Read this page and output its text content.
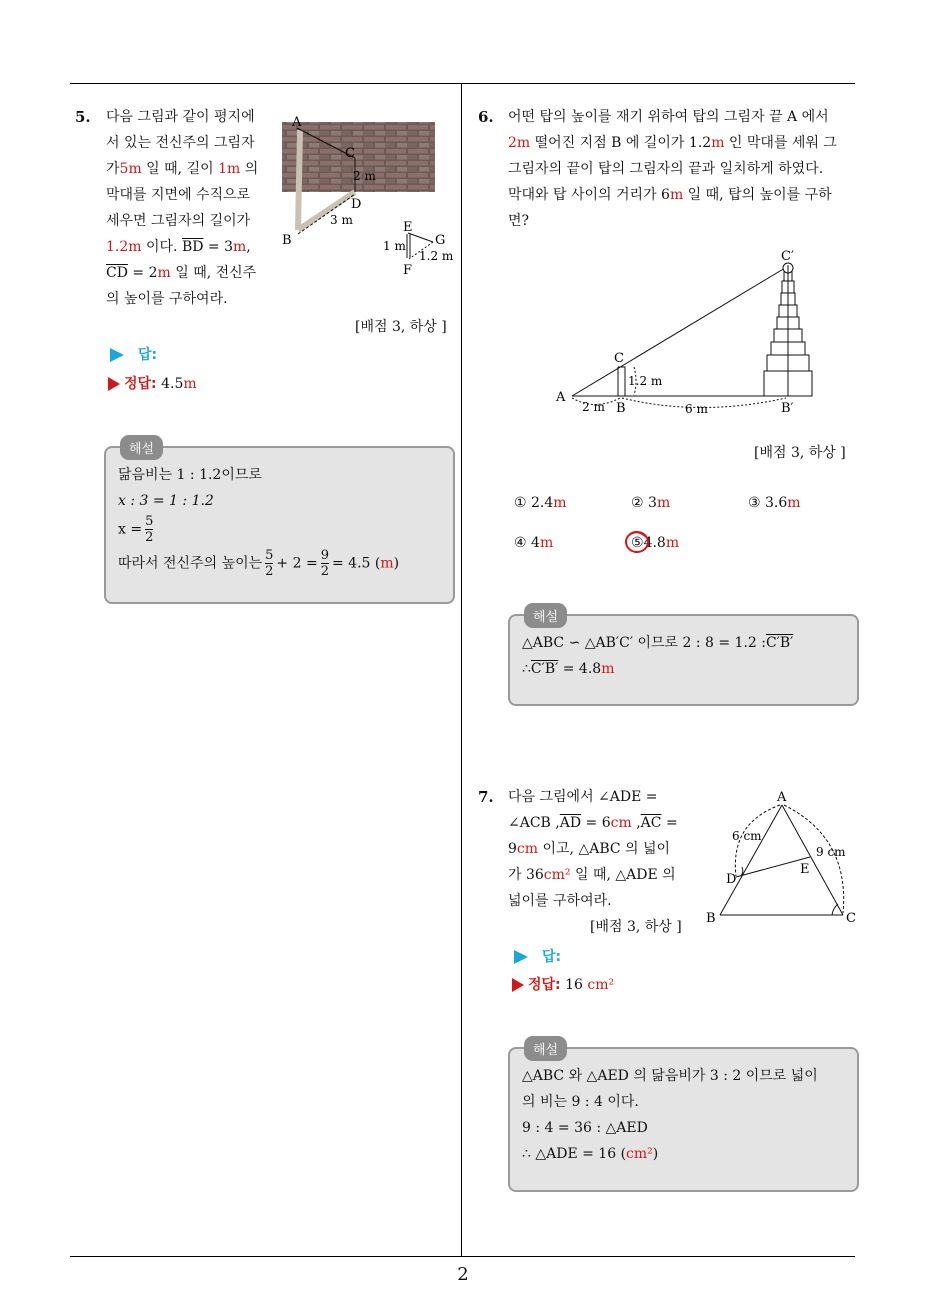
2
5. 다음 그림과 같이 평지에
서 있는 전신주의 그림자
가5m 일 때, 길이 1m 의
막대를 지면에 수직으로
세우면 그림자의 길이가
1.2m 이다. $\overline{BD} = 3m$,
$\overline{CD} = 2m$ 일 때, 전신주
의 높이를 구하여라.
A
C
D
B
2 m
3 m	E
G
F
1 m
1.2 m
[배점 3, 하상 ]
답:
정답: 4.5m
해설
닮음비는 1 : 1.2이므로
x : 3 = 1 : 1.2
$x = \frac{5}{2}$
따라서 전신주의 높이는 $\frac{5}{2} + 2 = \frac{9}{2} = 4.5$ (m)
6. 어떤 탑의 높이를 재기 위하여 탑의 그림자 끝 A 에서
2m 떨어진 지점 B 에 길이가 1.2m 인 막대를 세워 그
그림자의 끝이 탑의 그림자의 끝과 일치하게 하였다.
막대와 탑 사이의 거리가 6m 일 때, 탑의 높이를 구하
면?
A
C
B	B′
C′
1.2 m
2 m	6 m
[배점 3, 하상 ]
① 2.4m	② 3m	③ 3.6m
④ 4m	⑤4.8m
해설
△ABC ∽ △AB′C′ 이므로 2 : 8 = 1.2 :C′B′
∴C′B′ = 4.8m
7. 다음 그림에서 ∠ADE =
∠ACB $,\overline{AD} = 6cm$ $,\overline{AC}$ =
9cm 이고, △ABC 의 넓이
가 36cm² 일 때, △ADE 의
넓이를 구하여라.
[배점 3, 하상 ]
A
B	C
D
E
6 cm
9 cm
답:
정답: 16 cm²
해설
△ABC 와 △AED 의 닮음비가 3 : 2 이므로 넓이
의 비는 9 : 4 이다.
9 : 4 = 36 : △AED
∴ △ADE = 16 (cm²)
